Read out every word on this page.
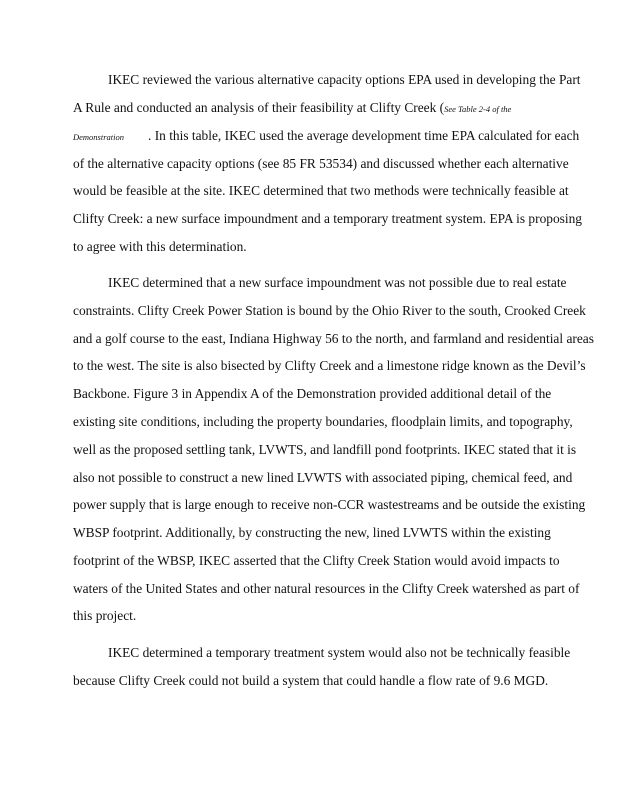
IKEC reviewed the various alternative capacity options EPA used in developing the Part
A Rule and conducted an analysis of their feasibility at Clifty Creek (See Table 2-4 of the
Demonstration . In this table, IKEC used the average development time EPA calculated for each
of the alternative capacity options (see 85 FR 53534) and discussed whether each alternative
would be feasible at the site. IKEC determined that two methods were technically feasible at
Clifty Creek: a new surface impoundment and a temporary treatment system. EPA is proposing
to agree with this determination.
IKEC determined that a new surface impoundment was not possible due to real estate
constraints. Clifty Creek Power Station is bound by the Ohio River to the south, Crooked Creek
and a golf course to the east, Indiana Highway 56 to the north, and farmland and residential areas
to the west. The site is also bisected by Clifty Creek and a limestone ridge known as the Devil’s
Backbone. Figure 3 in Appendix A of the Demonstration provided additional detail of the
existing site conditions, including the property boundaries, floodplain limits, and topography,
well as the proposed settling tank, LVWTS, and landfill pond footprints. IKEC stated that it is
also not possible to construct a new lined LVWTS with associated piping, chemical feed, and
power supply that is large enough to receive non-CCR wastestreams and be outside the existing
WBSP footprint. Additionally, by constructing the new, lined LVWTS within the existing
footprint of the WBSP, IKEC asserted that the Clifty Creek Station would avoid impacts to
waters of the United States and other natural resources in the Clifty Creek watershed as part of
this project.
IKEC determined a temporary treatment system would also not be technically feasible
because Clifty Creek could not build a system that could handle a flow rate of 9.6 MGD.
